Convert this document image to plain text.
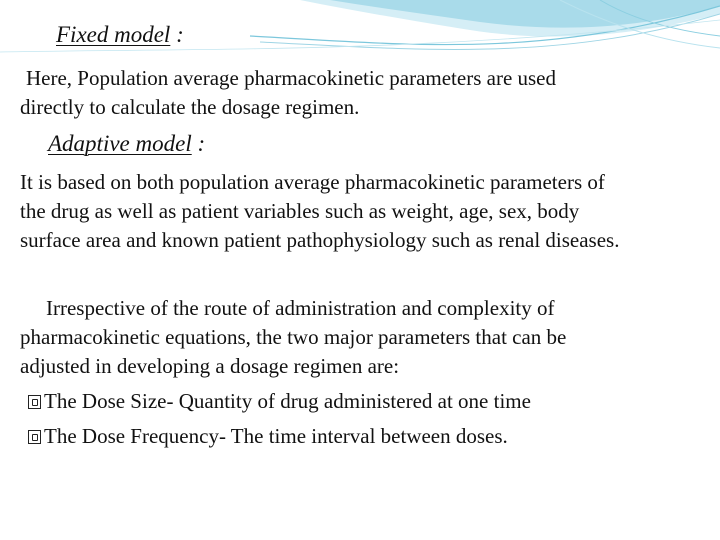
Fixed model :

Here, Population average pharmacokinetic parameters are used

directly to calculate the dosage regimen.

Adaptive model :

It is based on both population average pharmacokinetic parameters of

the drug as well as patient variables such as weight, age, sex, body

surface area and known patient pathophysiology such as renal diseases.

Irrespective of the route of administration and complexity of

pharmacokinetic equations, the two major parameters that can be

adjusted in developing a dosage regimen are:

The Dose Size- Quantity of drug administered at one time
The Dose Frequency- The time interval between doses.
